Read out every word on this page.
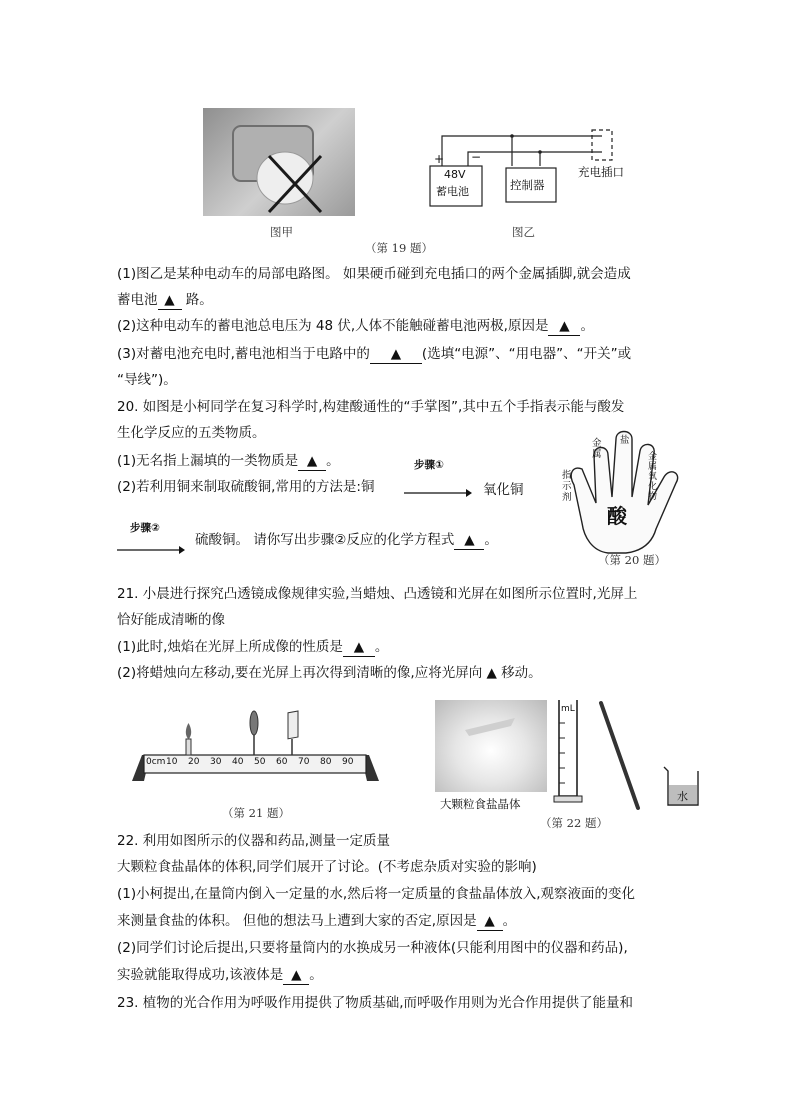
图甲
+ −
48V
蓄电池	控制器
充电插口
图乙
（第 19 题）
(1)图乙是某种电动车的局部电路图。 如果硬币碰到充电插口的两个金属插脚,就会造成
蓄电池 ▲ 路。
(2)这种电动车的蓄电池总电压为 48 伏,人体不能触碰蓄电池两极,原因是 ▲ 。
(3)对蓄电池充电时,蓄电池相当于电路中的 ▲ (选填“电源”、“用电器”、“开关”或
“导线”)。
20. 如图是小柯同学在复习科学时,构建酸通性的“手掌图”,其中五个手指表示能与酸发
生化学反应的五类物质。
(1)无名指上漏填的一类物质是 ▲ 。	步骤①
(2)若利用铜来制取硫酸铜,常用的方法是:铜	氧化铜
步骤②
硫酸铜。 请你写出步骤②反应的化学方程式 ▲ 。
酸
指示剂
金属
盐
金属氧化物
（第 20 题）
21. 小晨进行探究凸透镜成像规律实验,当蜡烛、凸透镜和光屏在如图所示位置时,光屏上
恰好能成清晰的像
(1)此时,烛焰在光屏上所成像的性质是 ▲ 。
(2)将蜡烛向左移动,要在光屏上再次得到清晰的像,应将光屏向 ▲ 移动。
0cm 10 20 30 40 50 60 70 80 90
（第 21 题）
大颗粒食盐晶体
mL
水
（第 22 题）
22. 利用如图所示的仪器和药品,测量一定质量
大颗粒食盐晶体的体积,同学们展开了讨论。(不考虑杂质对实验的影响)
(1)小柯提出,在量筒内倒入一定量的水,然后将一定质量的食盐晶体放入,观察液面的变化
来测量食盐的体积。 但他的想法马上遭到大家的否定,原因是 ▲ 。
(2)同学们讨论后提出,只要将量筒内的水换成另一种液体(只能利用图中的仪器和药品),
实验就能取得成功,该液体是 ▲ 。
23. 植物的光合作用为呼吸作用提供了物质基础,而呼吸作用则为光合作用提供了能量和
